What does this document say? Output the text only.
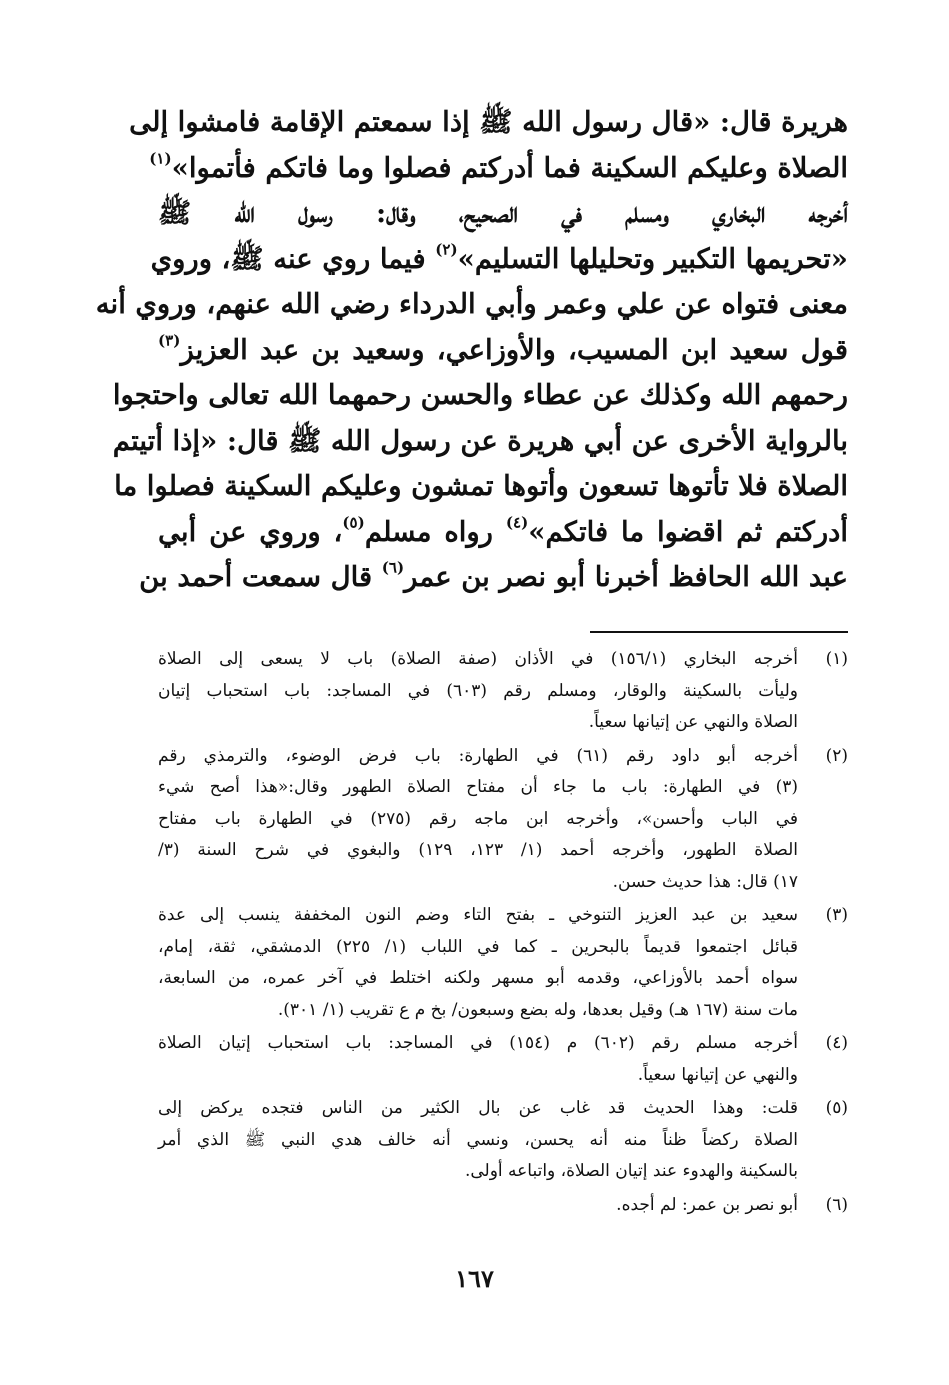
هريرة قال: «قال رسول الله ﷺ إذا سمعتم الإقامة فامشوا إلى
الصلاة وعليكم السكينة فما أدركتم فصلوا وما فاتكم فأتموا»$^{(١)}$
أخرجه البخاري ومسلم في الصحيح، وقال: رسول الله ﷺ
«تحريمها التكبير وتحليلها التسليم»$^{(٢)}$ فيما روي عنه ﷺ، وروي
معنى فتواه عن علي وعمر وأبي الدرداء رضي الله عنهم، وروي أنه
قول سعيد ابن المسيب، والأوزاعي، وسعيد بن عبد العزيز$^{(٣)}$
رحمهم الله وكذلك عن عطاء والحسن رحمهما الله تعالى واحتجوا
بالرواية الأخرى عن أبي هريرة عن رسول الله ﷺ قال: «إذا أتيتم
الصلاة فلا تأتوها تسعون وأتوها تمشون وعليكم السكينة فصلوا ما
أدركتم ثم اقضوا ما فاتكم»$^{(٤)}$ رواه مسلم$^{(٥)}$، وروي عن أبي
عبد الله الحافظ أخبرنا أبو نصر بن عمر$^{(٦)}$ قال سمعت أحمد بن
(١)
أخرجه البخاري (١٥٦/١) في الأذان (صفة الصلاة) باب لا يسعى إلى الصلاة
وليأت بالسكينة والوقار، ومسلم رقم (٦٠٣) في المساجد: باب استحباب إتيان
الصلاة والنهي عن إتيانها سعياً.
(٢)
أخرجه أبو داود رقم (٦١) في الطهارة: باب فرض الوضوء، والترمذي رقم
(٣) في الطهارة: باب ما جاء أن مفتاح الصلاة الطهور وقال:«هذا أصح شيء
في الباب وأحسن»، وأخرجه ابن ماجه رقم (٢٧٥) في الطهارة باب مفتاح
الصلاة الطهور، وأخرجه أحمد (١/ ١٢٣، ١٢٩) والبغوي في شرح السنة (٣/
١٧) قال: هذا حديث حسن.
(٣)
سعيد بن عبد العزيز التنوخي ـ بفتح التاء وضم النون المخففة ينسب إلى عدة
قبائل اجتمعوا قديماً بالبحرين ـ كما في اللباب (١/ ٢٢٥) الدمشقي، ثقة، إمام،
سواه أحمد بالأوزاعي، وقدمه أبو مسهر ولكنه اختلط في آخر عمره، من السابعة،
مات سنة (١٦٧ هـ) وقيل بعدها، وله بضع وسبعون/ بخ م ع تقريب (١/ ٣٠١).
(٤)
أخرجه مسلم رقم (٦٠٢) م (١٥٤) في المساجد: باب استحباب إتيان الصلاة
والنهي عن إتيانها سعياً.
(٥)
قلت: وهذا الحديث قد غاب عن بال الكثير من الناس فتجده يركض إلى
الصلاة ركضاً ظناً منه أنه يحسن، ونسي أنه خالف هدي النبي ﷺ الذي أمر
بالسكينة والهدوء عند إتيان الصلاة، واتباعه أولى.
(٦)
أبو نصر بن عمر: لم أجده.
١٦٧
